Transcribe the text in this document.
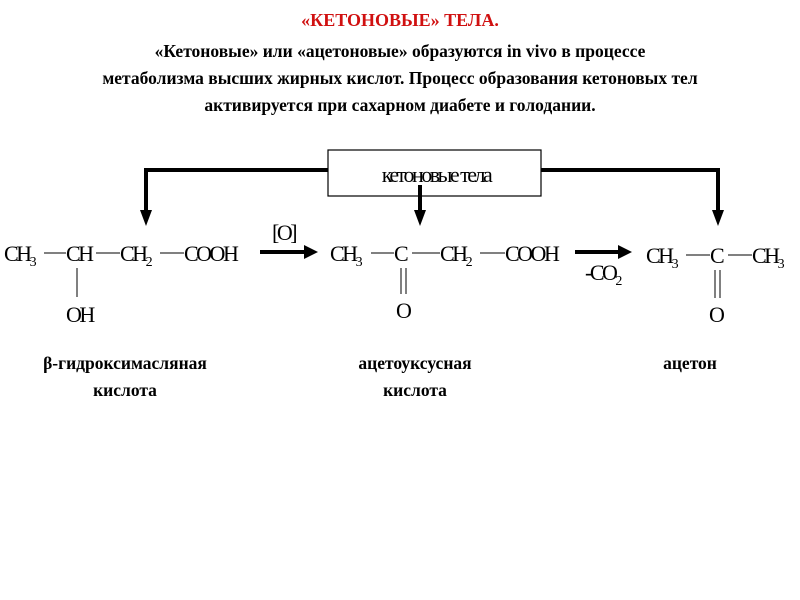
«КЕТОНОВЫЕ» ТЕЛА.
«Кетоновые» или «ацетоновые» образуются in vivo в процессе
метаболизма высших жирных кислот. Процесс образования кетоновых тел
активируется при сахарном диабете и голодании.
кетоновые тела
$CH_3$ CH $CH_2$ COOH
OH
[O]
$CH_3$ C $CH_2$ COOH
O
$-CO_2$
$CH_3$ C $CH_3$
O
β-гидроксимасляная
кислота
ацетоуксусная
кислота
ацетон
